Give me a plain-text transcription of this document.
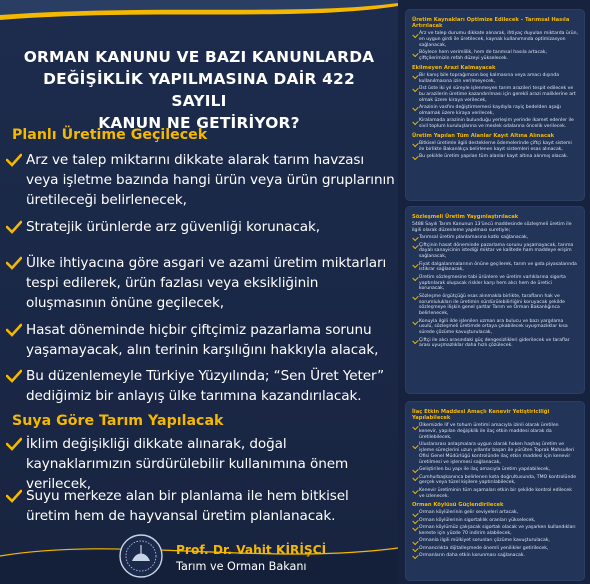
ORMAN KANUNU VE BAZI KANUNLARDA
DEĞİŞİKLİK YAPILMASINA DAİR 422 SAYILI
KANUN NE GETİRİYOR?
Planlı Üretime Geçilecek
Arz ve talep miktarını dikkate alarak tarım havzası veya işletme bazında hangi ürün veya ürün gruplarının üretileceği belirlenecek,
Stratejik ürünlerde arz güvenliği korunacak,
Ülke ihtiyacına göre asgari ve azami üretim miktarları tespi edilerek, ürün fazlası veya eksikliğinin oluşmasının önüne geçilecek,
Hasat döneminde hiçbir çiftçimiz pazarlama sorunu yaşamayacak, alın terinin karşılığını hakkıyla alacak,
Bu düzenlemeyle Türkiye Yüzyılında; “Sen Üret Yeter” dediğimiz bir anlayış ülke tarımına kazandırılacak.
Suya Göre Tarım Yapılacak
İklim değişikliği dikkate alınarak, doğal kaynaklarımızın sürdürülebilir kullanımına önem verilecek,
Suyu merkeze alan bir planlama ile hem bitkisel üretim hem de hayvansal üretim planlanacak.
Prof. Dr. Vahit KİRİŞCİ
Tarım ve Orman Bakanı
Üretim Kaynakları Optimize Edilecek – Tarımsal Hasıla Artırılacak
Arz ve talep durumu dikkate alınarak, ihtiyaç duyulan miktarda ürün, en uygun girdi ile üretilecek, kaynak kullanımında optimizasyon sağlanacak,
Böylece hem verimlilik, hem de tarımsal hasıla artacak, çiftçilerimizin refah düzeyi yükselecek.
Ekilmeyen Arazi Kalmayacak
Bir kanış bile toprağımızın boş kalmasına veya amacı dışında kullanılmasına izin verilmeyecek,
Üst üste iki yıl süreyle işlenmeyen tarım arazileri tespit edilecek ve bu arazilerin üretime kazandırılması için gerekli arazi maliklerine art olmak üzere kiraya verilecek,
Arazinin vasfını değiştirmemesi kaydıyla rayiç bedelden aşağı olmamak üzere kiraya verilecek,
Kiralamada arazinin bulunduğu yerleşim yerinde ikamet edenler ile sivil toplum kuruluşlarına ve meslek odalarına öncelik verilecek.
Üretim Yapılan Tüm Alanlar Kayıt Altına Alınacak
Bitkisel üretimle ilgili desteklerne ödemelerinde çiftçi kayıt sistemi ile birlikte Bakanlıkça belirlenen kayıt sistemleri esas alınacak,
Bu şekilde üretim yapılan tüm alanlar kayıt altına alınmış olacak.
Sözleşmeli Üretim Yaygınlaştırılacak
5488 Sayılı Tarım Kanunun 13'üncü maddesinde sözleşmeli üretim ile ilgili olarak düzenleme yapılması suretiyle;
Tarımsal üretim planlamasına katkı sağlanacak,
Çiftçinin hasat döneminde pazarlama sorunu yaşamayacak, tarıma dayalı sanayicinin istediği miktar ve kalitede ham maddeye erişim sağlanacak,
Fiyat dalgalanmalarının önüne geçilerek, tarım ve gıda piyasalarında istikrar sağlanacak,
Üretim sözleşmesine tabi ürünlere ve üretim varlıklarına sigorta yaptırılarak oluşacak riskler karşı hem alıcı hem de üretici korunacak,
Sözleşme örgütçüğü esas alınmakla birlikte, tarafların hak ve sorumlulukları ile üretimin sürdürülebilirliğini koruyacak şekilde sözleşmeye ilişkin genel şartlar Tarım ve Orman Bakanlığınca belirlenecek,
Konuyla ilgili ilde işlenilen uzman ara bulucu ve bazı yargılama usulü, sözleşmeli üretimde ortaya çıkabilecek uyuşmazlıklar kısa sürede çözüme kavuşturulacak,
Çiftçi ile alıcı arasındaki güç dengesizlikleri giderilecek ve taraflar arası uyuşmazlıklar daha hızlı çözülecek.
İlaç Etkin Maddesi Amaçlı Kenevir Yetiştiriciliği Yapılabilecek
Ülkemizde lif ve tohum üretimi amacıyla izinli olarak üretilen kenevir, yapılan değişiklik ile ilaç etkin maddesi olarak da üretilebilecek,
Uluslararası anlaşmalara uygun olarak hoken haşhaş üretim ve işleme süreçlerini uzun yıllardır başarı ile yürüten Toprak Mahsulleri Ofisi Genel Müdürlüğü kontrolünde ilaç etkin maddesi için kenevir üretilmesi ve işlenmesi sağlanacak,
Geliştirilen bu yapı ile ilaç amacıyla üretim yapılabilecek,
Cumhurbaşkanınca belirlenen kota doğrultusunda, TMO kontrolünde gerçek veya tüzel kişilere yaptırılabilecek,
Kenevir üretiminin tüm aşamaları etkin bir şekilde kontrol edilecek ve izlenecek.
Orman Köylüsü Güçlendirilecek
Orman köylülerinin gelir seviyeleri artacak,
Orman köylülerinin sigortalılık oranları yükselecek,
Orman köylümüz çalışacak sigortalı olacak ve yaşarken kullandıkları kereste için yüzde 70 indirim alabilecek,
Ormanla ilgili mülkiyet sorunları çözüme kavuşturulacak,
Ormancılıkta dijitalleşmede önemli yenilikler getirilecek,
Ormanların daha etkin korunması sağlanacak.
